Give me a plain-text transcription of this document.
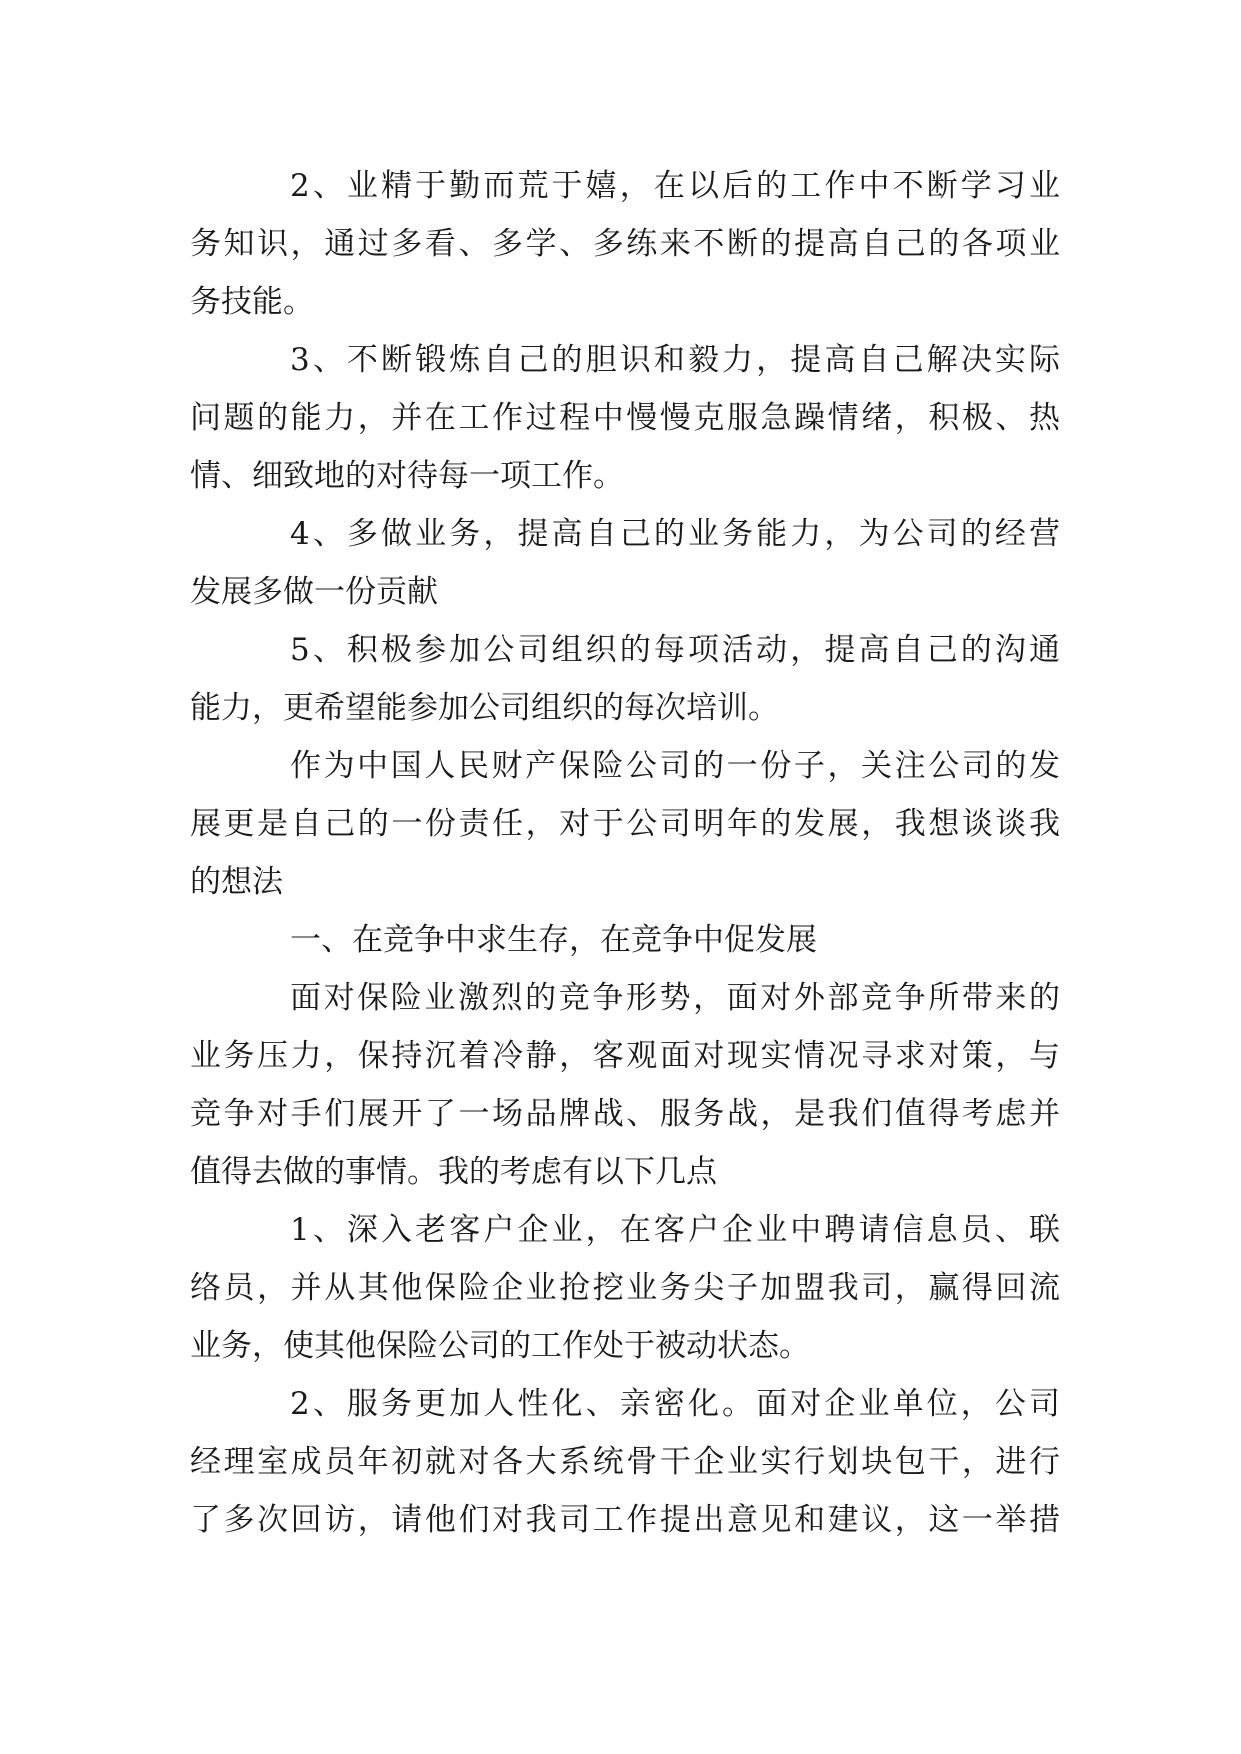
2、业精于勤而荒于嬉，在以后的工作中不断学习业

务知识，通过多看、多学、多练来不断的提高自己的各项业

务技能。

3、不断锻炼自己的胆识和毅力，提高自己解决实际

问题的能力，并在工作过程中慢慢克服急躁情绪，积极、热

情、细致地的对待每一项工作。

4、多做业务，提高自己的业务能力，为公司的经营

发展多做一份贡献

5、积极参加公司组织的每项活动，提高自己的沟通

能力，更希望能参加公司组织的每次培训。

作为中国人民财产保险公司的一份子，关注公司的发

展更是自己的一份责任，对于公司明年的发展，我想谈谈我

的想法

一、在竞争中求生存，在竞争中促发展

面对保险业激烈的竞争形势，面对外部竞争所带来的

业务压力，保持沉着冷静，客观面对现实情况寻求对策，与

竞争对手们展开了一场品牌战、服务战，是我们值得考虑并

值得去做的事情。我的考虑有以下几点

1、深入老客户企业，在客户企业中聘请信息员、联

络员，并从其他保险企业抢挖业务尖子加盟我司，赢得回流

业务，使其他保险公司的工作处于被动状态。

2、服务更加人性化、亲密化。面对企业单位，公司

经理室成员年初就对各大系统骨干企业实行划块包干，进行

了多次回访，请他们对我司工作提出意见和建议，这一举措
